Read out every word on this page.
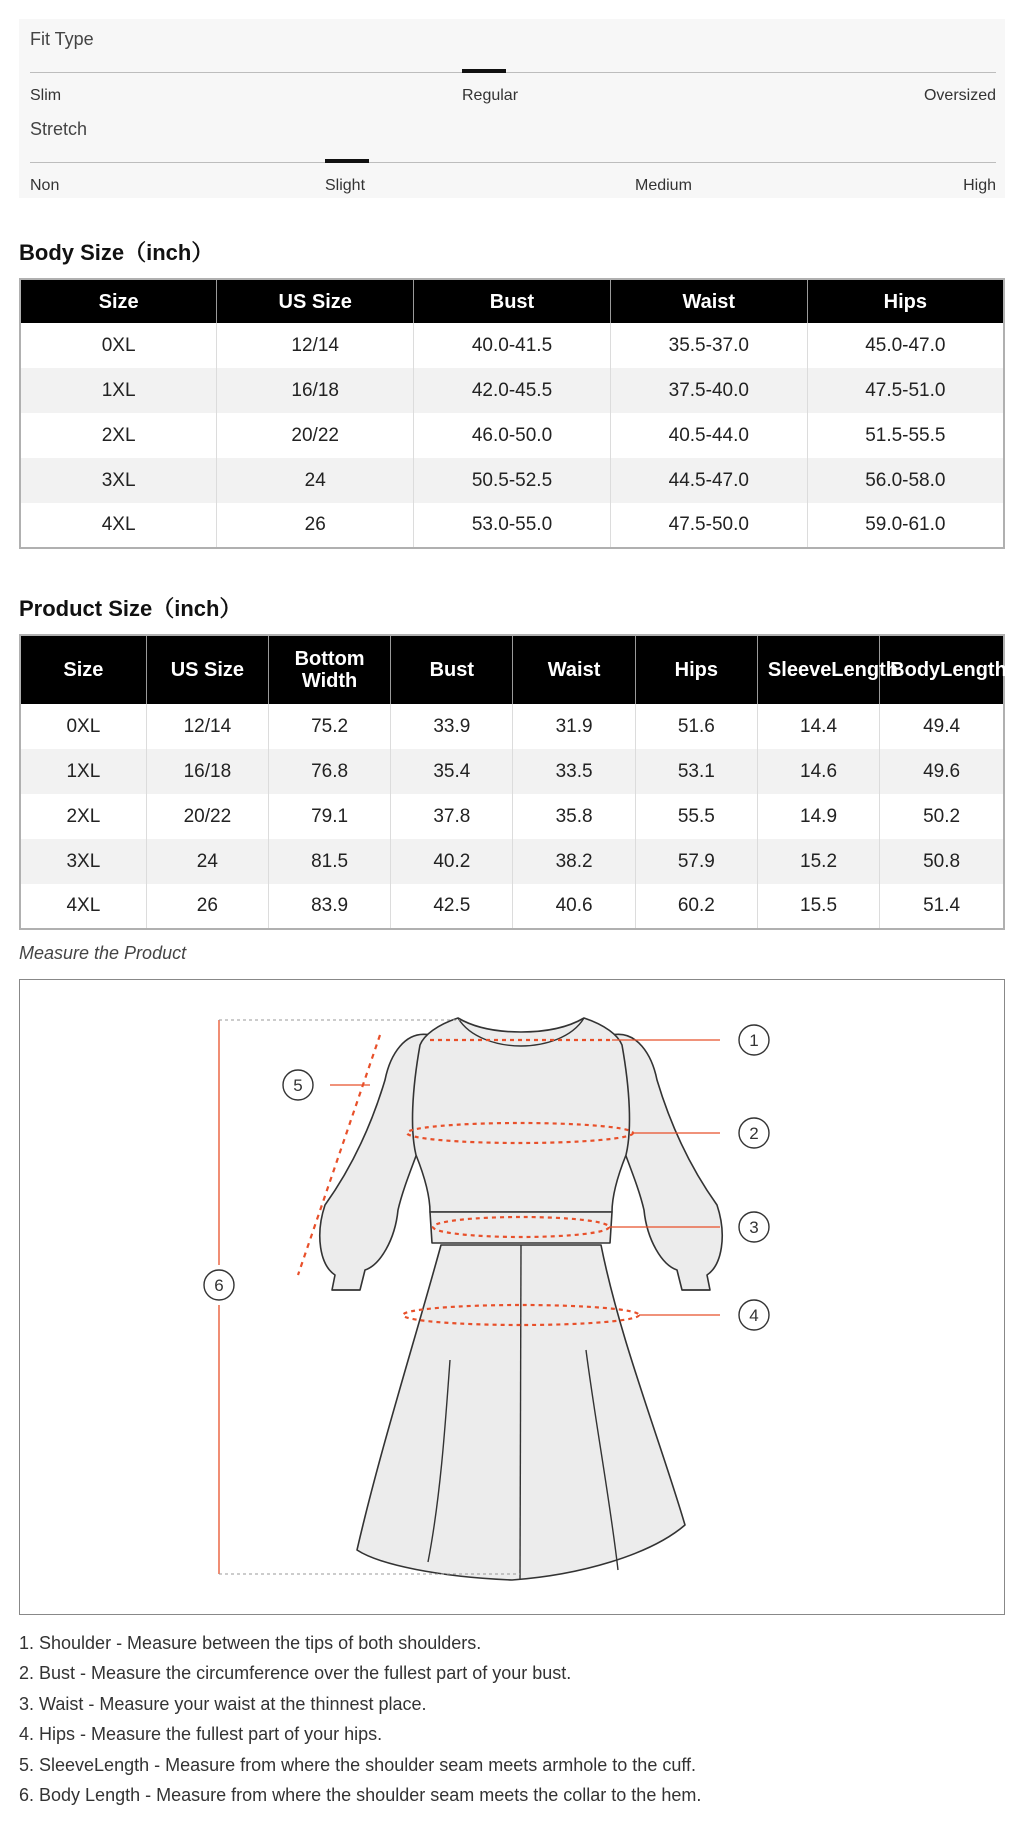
Fit Type
Slim	Regular	Oversized
Stretch
Non	Slight	Medium	High
Body Size（inch）
Size	US Size	Bust	Waist	Hips
0XL	12/14	40.0-41.5	35.5-37.0	45.0-47.0
1XL	16/18	42.0-45.5	37.5-40.0	47.5-51.0
2XL	20/22	46.0-50.0	40.5-44.0	51.5-55.5
3XL	24	50.5-52.5	44.5-47.0	56.0-58.0
4XL	26	53.0-55.0	47.5-50.0	59.0-61.0
Product Size（inch）
Size	US Size	Bottom Width	Bust	Waist	Hips	SleeveLength	BodyLength
0XL	12/14	75.2	33.9	31.9	51.6	14.4	49.4
1XL	16/18	76.8	35.4	33.5	53.1	14.6	49.6
2XL	20/22	79.1	37.8	35.8	55.5	14.9	50.2
3XL	24	81.5	40.2	38.2	57.9	15.2	50.8
4XL	26	83.9	42.5	40.6	60.2	15.5	51.4
Measure the Product
1
2
3
4
5
6
1. Shoulder - Measure between the tips of both shoulders.
2. Bust - Measure the circumference over the fullest part of your bust.
3. Waist - Measure your waist at the thinnest place.
4. Hips - Measure the fullest part of your hips.
5. SleeveLength - Measure from where the shoulder seam meets armhole to the cuff.
6. Body Length - Measure from where the shoulder seam meets the collar to the hem.
